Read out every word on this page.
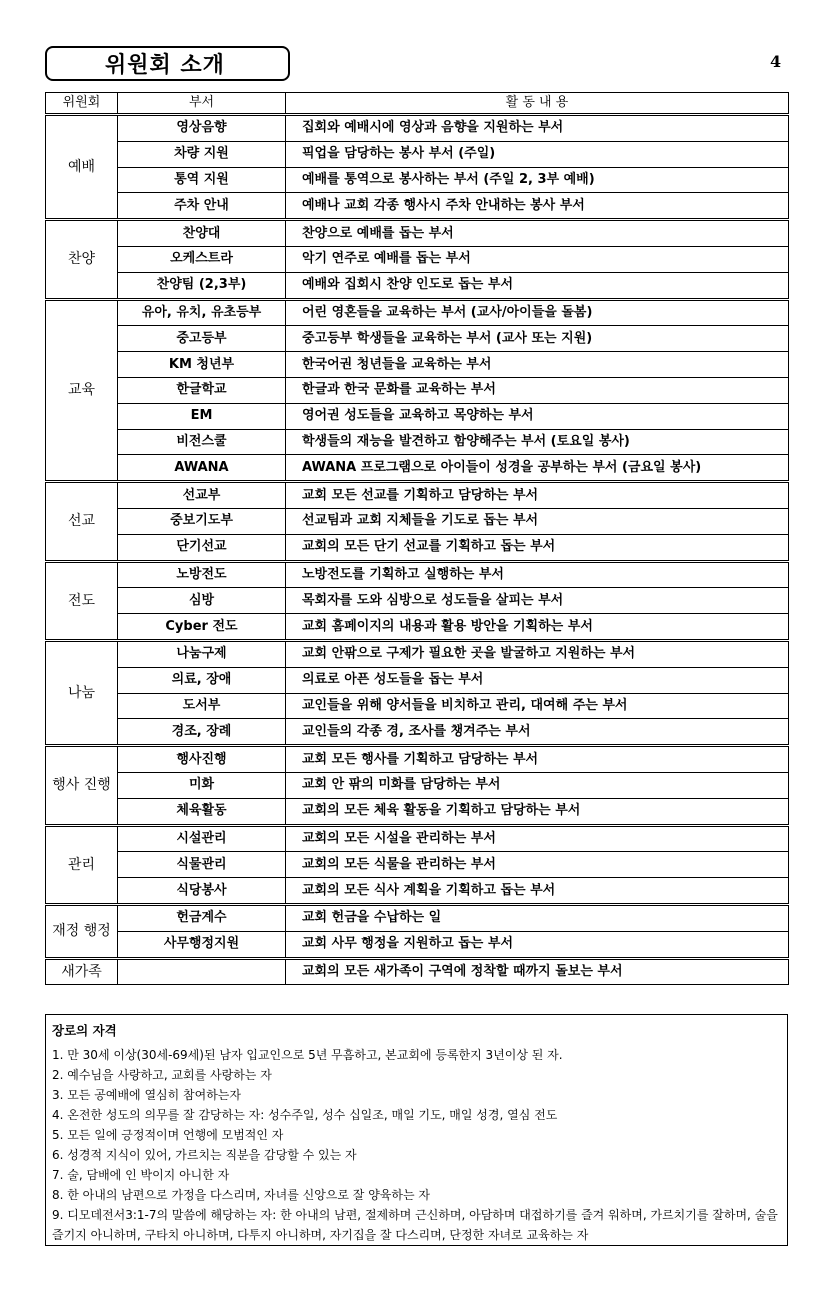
위원회 소개	4
위원회	부서	활 동 내 용
예배	영상음향	집회와 예배시에 영상과 음향을 지원하는 부서
	차량 지원	픽업을 담당하는 봉사 부서 (주일)
	통역 지원	예배를 통역으로 봉사하는 부서 (주일 2, 3부 예배)
	주차 안내	예배나 교회 각종 행사시 주차 안내하는 봉사 부서
찬양	찬양대	찬양으로 예배를 돕는 부서
	오케스트라	악기 연주로 예배를 돕는 부서
	찬양팀 (2,3부)	예배와 집회시 찬양 인도로 돕는 부서
교육	유아, 유치, 유초등부	어린 영혼들을 교육하는 부서 (교사/아이들을 돌봄)
	중고등부	중고등부 학생들을 교육하는 부서 (교사 또는 지원)
	KM 청년부	한국어권 청년들을 교육하는 부서
	한글학교	한글과 한국 문화를 교육하는 부서
	EM	영어권 성도들을 교육하고 목양하는 부서
	비전스쿨	학생들의 재능을 발견하고 함양해주는 부서 (토요일 봉사)
	AWANA	AWANA 프로그램으로 아이들이 성경을 공부하는 부서 (금요일 봉사)
선교	선교부	교회 모든 선교를 기획하고 담당하는 부서
	중보기도부	선교팀과 교회 지체들을 기도로 돕는 부서
	단기선교	교회의 모든 단기 선교를 기획하고 돕는 부서
전도	노방전도	노방전도를 기획하고 실행하는 부서
	심방	목회자를 도와 심방으로 성도들을 살피는 부서
	Cyber 전도	교회 홈페이지의 내용과 활용 방안을 기획하는 부서
나눔	나눔구제	교회 안팎으로 구제가 필요한 곳을 발굴하고 지원하는 부서
	의료, 장애	의료로 아픈 성도들을 돕는 부서
	도서부	교인들을 위해 양서들을 비치하고 관리, 대여해 주는 부서
	경조, 장례	교인들의 각종 경, 조사를 챙겨주는 부서
행사 진행	행사진행	교회 모든 행사를 기획하고 담당하는 부서
	미화	교회 안 팎의 미화를 담당하는 부서
	체육활동	교회의 모든 체육 활동을 기획하고 담당하는 부서
관리	시설관리	교회의 모든 시설을 관리하는 부서
	식물관리	교회의 모든 식물을 관리하는 부서
	식당봉사	교회의 모든 식사 계획을 기획하고 돕는 부서
재정 행정	헌금계수	교회 헌금을 수납하는 일
	사무행정지원	교회 사무 행정을 지원하고 돕는 부서
새가족		교회의 모든 새가족이 구역에 정착할 때까지 돌보는 부서
장로의 자격
1. 만 30세 이상(30세-69세)된 남자 입교인으로 5년 무흠하고, 본교회에 등록한지 3년이상 된 자.
2. 예수님을 사랑하고, 교회를 사랑하는 자
3. 모든 공예배에 열심히 참여하는자
4. 온전한 성도의 의무를 잘 감당하는 자: 성수주일, 성수 십일조, 매일 기도, 매일 성경, 열심 전도
5. 모든 일에 긍정적이며 언행에 모범적인 자
6. 성경적 지식이 있어, 가르치는 직분을 감당할 수 있는 자
7. 술, 담배에 인 박이지 아니한 자
8. 한 아내의 남편으로 가정을 다스리며, 자녀를 신앙으로 잘 양육하는 자
9. 디모데전서3:1-7의 말씀에 해당하는 자: 한 아내의 남편, 절제하며 근신하며, 아담하며 대접하기를 즐겨 워하며, 가르치기를 잘하며, 술을 즐기지 아니하며, 구타치 아니하며, 다투지 아니하며, 자기집을 잘 다스리며, 단정한 자녀로 교육하는 자
